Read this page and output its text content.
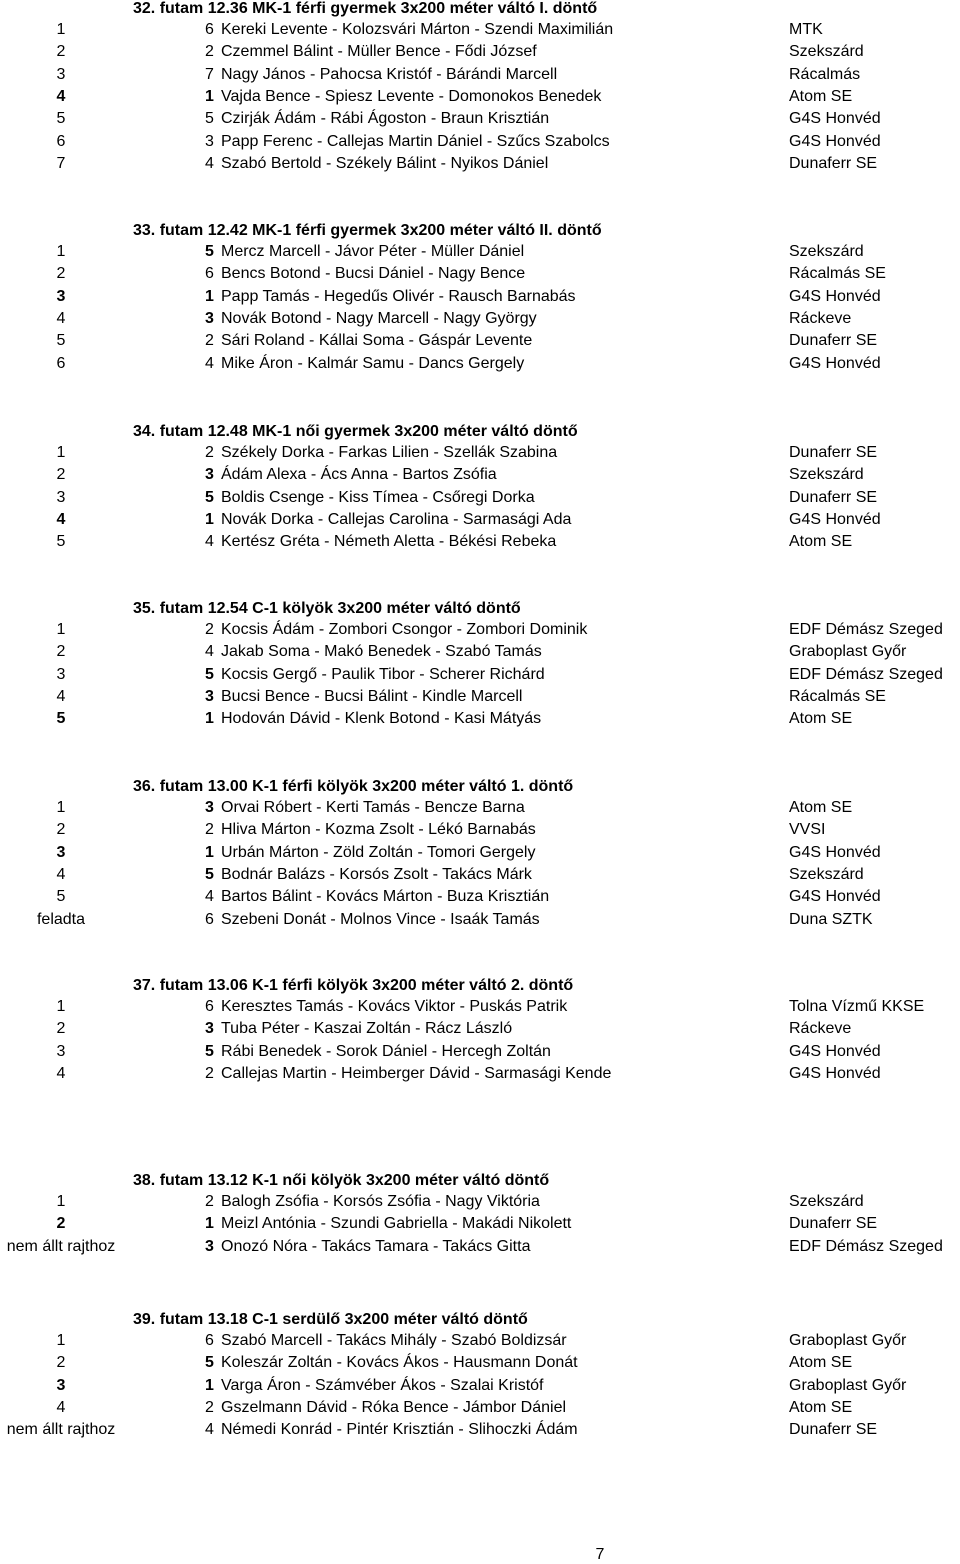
32. futam 12.36 MK-1 férfi gyermek 3x200 méter váltó I. döntő
1	6 Kereki Levente - Kolozsvári Márton - Szendi Maximilián	MTK
2	2 Czemmel Bálint - Müller Bence - Fődi József	Szekszárd
3	7 Nagy János - Pahocsa Kristóf - Bárándi Marcell	Rácalmás
4	1 Vajda Bence - Spiesz Levente - Domonokos Benedek	Atom SE
5	5 Czirják Ádám - Rábi Ágoston - Braun Krisztián	G4S Honvéd
6	3 Papp Ferenc - Callejas Martin Dániel - Szűcs Szabolcs	G4S Honvéd
7	4 Szabó Bertold - Székely Bálint - Nyikos Dániel	Dunaferr SE
33. futam 12.42 MK-1 férfi gyermek 3x200 méter váltó II. döntő
1	5 Mercz Marcell - Jávor Péter - Müller Dániel	Szekszárd
2	6 Bencs Botond - Bucsi Dániel - Nagy Bence	Rácalmás SE
3	1 Papp Tamás - Hegedűs Olivér - Rausch Barnabás	G4S Honvéd
4	3 Novák Botond - Nagy Marcell - Nagy György	Ráckeve
5	2 Sári Roland - Kállai Soma - Gáspár Levente	Dunaferr SE
6	4 Mike Áron - Kalmár Samu - Dancs Gergely	G4S Honvéd
34. futam 12.48 MK-1 női gyermek 3x200 méter váltó döntő
1	2 Székely Dorka - Farkas Lilien - Szellák Szabina	Dunaferr SE
2	3 Ádám Alexa - Ács Anna - Bartos Zsófia	Szekszárd
3	5 Boldis Csenge - Kiss Tímea - Csőregi Dorka	Dunaferr SE
4	1 Novák Dorka - Callejas Carolina - Sarmasági Ada	G4S Honvéd
5	4 Kertész Gréta - Németh Aletta - Békési Rebeka	Atom SE
35. futam 12.54 C-1 kölyök 3x200 méter váltó döntő
1	2 Kocsis Ádám - Zombori Csongor - Zombori Dominik	EDF Démász Szeged
2	4 Jakab Soma - Makó Benedek - Szabó Tamás	Graboplast Győr
3	5 Kocsis Gergő - Paulik Tibor - Scherer Richárd	EDF Démász Szeged
4	3 Bucsi Bence - Bucsi Bálint - Kindle Marcell	Rácalmás SE
5	1 Hodován Dávid - Klenk Botond - Kasi Mátyás	Atom SE
36. futam 13.00 K-1 férfi kölyök 3x200 méter váltó 1. döntő
1	3 Orvai Róbert - Kerti Tamás - Bencze Barna	Atom SE
2	2 Hliva Márton - Kozma Zsolt - Lékó Barnabás	VVSI
3	1 Urbán Márton - Zöld Zoltán - Tomori Gergely	G4S Honvéd
4	5 Bodnár Balázs - Korsós Zsolt - Takács Márk	Szekszárd
5	4 Bartos Bálint - Kovács Márton - Buza Krisztián	G4S Honvéd
feladta	6 Szebeni Donát - Molnos Vince - Isaák Tamás	Duna SZTK
37. futam 13.06 K-1 férfi kölyök 3x200 méter váltó 2. döntő
1	6 Keresztes Tamás - Kovács Viktor - Puskás Patrik	Tolna Vízmű KKSE
2	3 Tuba Péter - Kaszai Zoltán - Rácz László	Ráckeve
3	5 Rábi Benedek - Sorok Dániel - Hercegh Zoltán	G4S Honvéd
4	2 Callejas Martin - Heimberger Dávid - Sarmasági Kende	G4S Honvéd
38. futam 13.12 K-1 női kölyök 3x200 méter váltó döntő
1	2 Balogh Zsófia - Korsós Zsófia - Nagy Viktória	Szekszárd
2	1 Meizl Antónia - Szundi Gabriella - Makádi Nikolett	Dunaferr SE
nem állt rajthoz	3 Onozó Nóra - Takács Tamara - Takács Gitta	EDF Démász Szeged
39. futam 13.18 C-1 serdülő 3x200 méter váltó döntő
1	6 Szabó Marcell - Takács Mihály - Szabó Boldizsár	Graboplast Győr
2	5 Koleszár Zoltán - Kovács Ákos - Hausmann Donát	Atom SE
3	1 Varga Áron - Számvéber Ákos - Szalai Kristóf	Graboplast Győr
4	2 Gszelmann Dávid - Róka Bence - Jámbor Dániel	Atom SE
nem állt rajthoz	4 Némedi Konrád - Pintér Krisztián - Slihoczki Ádám	Dunaferr SE
7
